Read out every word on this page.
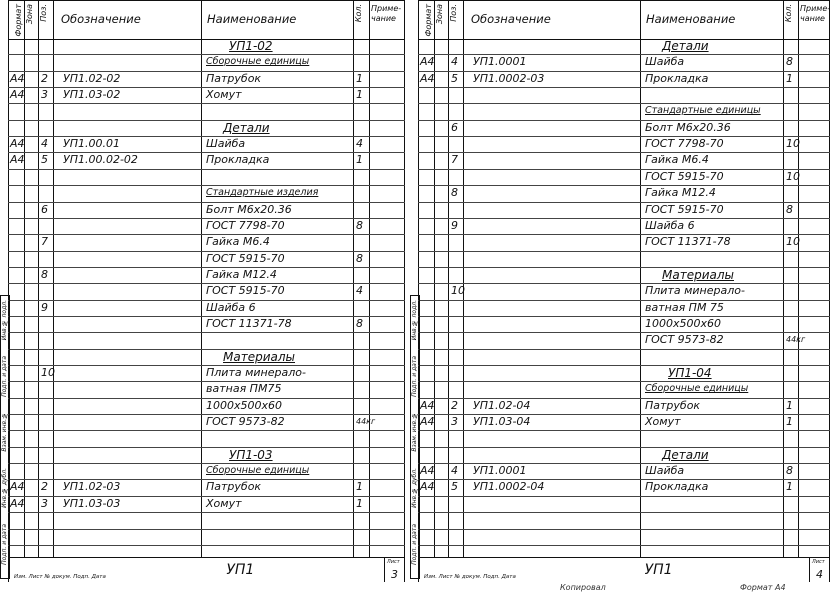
Формат Зона Поз. Обозначение	Наименование	Кол. Приме-чание
УП1-02
Сборочные единицы
А4 2 УП1.02-02	Патрубок	1
А4 3 УП1.03-02	Хомут	1
Детали
А4 4 УП1.00.01	Шайба	4
А4 5 УП1.00.02-02	Прокладка	1
Стандартные изделия
6	Болт М6х20.36
ГОСТ 7798-70	8
7	Гайка М6.4
ГОСТ 5915-70	8
8	Гайка М12.4
ГОСТ 5915-70	4
9	Шайба 6
ГОСТ 11371-78	8
Материалы
10	Плита минерало-
ватная ПМ75
1000х500х60
ГОСТ 9573-82	44кг
УП1-03
Сборочные единицы
А4 2 УП1.02-03	Патрубок	1
А4 3 УП1.03-03	Хомут	1
Изм. Лист № докум. Подп. Дата	УП1	Лист
3
Формат Зона Поз. Обозначение	Наименование	Кол. Приме-чание
Детали
А4 4 УП1.0001	Шайба	8
А4 5 УП1.0002-03	Прокладка	1
Стандартные единицы
6	Болт М6х20.36
ГОСТ 7798-70	10
7	Гайка М6.4
ГОСТ 5915-70	10
8	Гайка М12.4
ГОСТ 5915-70	8
9	Шайба 6
ГОСТ 11371-78	10
Материалы
10	Плита минерало-
ватная ПМ 75
1000х500х60
ГОСТ 9573-82	44кг
УП1-04
Сборочные единицы
А4 2 УП1.02-04	Патрубок	1
А4 3 УП1.03-04	Хомут	1
Детали
А4 4 УП1.0001	Шайба	8
А4 5 УП1.0002-04	Прокладка	1
Изм. Лист № докум. Подп. Дата	УП1	Лист
4
Инв.№ подл.
Подп. и дата
Взам. инв.№
Инв.№ дубл.
Подп. и дата
Инв.№ подл.
Подп. и дата
Взам. инв.№
Инв.№ дубл.
Подп. и дата
Копировал	Формат А4
